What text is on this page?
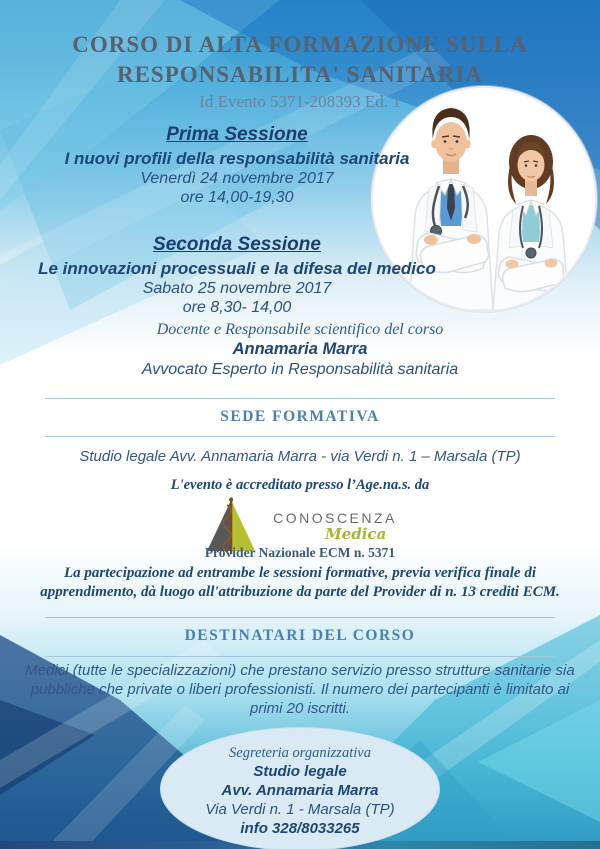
CORSO DI ALTA FORMAZIONE SULLA
RESPONSABILITA' SANITARIA
Id Evento 5371-208393 Ed. 1
Prima Sessione
I nuovi profili della responsabilità sanitaria
Venerdì 24 novembre 2017
ore 14,00-19,30
Seconda Sessione
Le innovazioni processuali e la difesa del medico
Sabato 25 novembre 2017
ore 8,30- 14,00
Docente e Responsabile scientifico del corso
Annamaria Marra
Avvocato Esperto in Responsabilità sanitaria
SEDE FORMATIVA
Studio legale Avv. Annamaria Marra - via Verdi n. 1 – Marsala (TP)
L'evento è accreditato presso l’Age.na.s. da
CONOSCENZA
Medica
Provider Nazionale ECM n. 5371
La partecipazione ad entrambe le sessioni formative, previa verifica finale di apprendimento, dà luogo all'attribuzione da parte del Provider di n. 13 crediti ECM.
DESTINATARI DEL CORSO
Medici (tutte le specializzazioni) che prestano servizio presso strutture sanitarie sia pubbliche che private o liberi professionisti. Il numero dei partecipanti è limitato ai primi 20 iscritti.
Segreteria organizzativa
Studio legale
Avv. Annamaria Marra
Via Verdi n. 1 - Marsala (TP)
info 328/8033265
